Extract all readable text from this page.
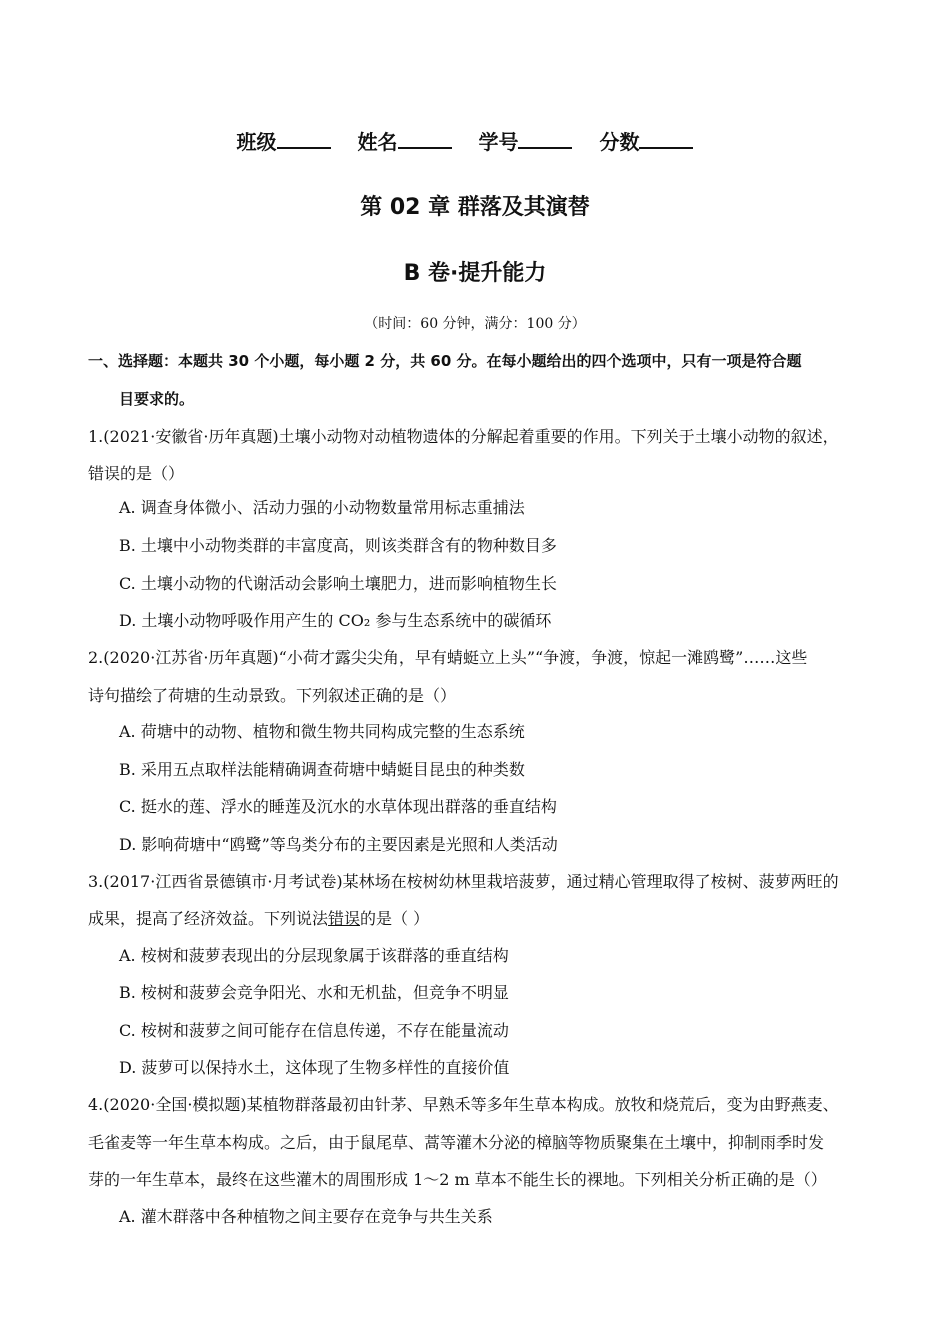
班级	姓名	学号	分数
第 02 章 群落及其演替
B 卷·提升能力
（时间：60 分钟，满分：100 分）
一、选择题：本题共 30 个小题，每小题 2 分，共 60 分。在每小题给出的四个选项中，只有一项是符合题
目要求的。
1.(2021·安徽省·历年真题)土壤小动物对动植物遗体的分解起着重要的作用。下列关于土壤小动物的叙述，
错误的是（）
A. 调查身体微小、活动力强的小动物数量常用标志重捕法
B. 土壤中小动物类群的丰富度高，则该类群含有的物种数目多
C. 土壤小动物的代谢活动会影响土壤肥力，进而影响植物生长
D. 土壤小动物呼吸作用产生的 CO₂ 参与生态系统中的碳循环
2.(2020·江苏省·历年真题)“小荷才露尖尖角，早有蜻蜓立上头”“争渡，争渡，惊起一滩鸥鹭”……这些
诗句描绘了荷塘的生动景致。下列叙述正确的是（）
A. 荷塘中的动物、植物和微生物共同构成完整的生态系统
B. 采用五点取样法能精确调查荷塘中蜻蜓目昆虫的种类数
C. 挺水的莲、浮水的睡莲及沉水的水草体现出群落的垂直结构
D. 影响荷塘中“鸥鹭”等鸟类分布的主要因素是光照和人类活动
3.(2017·江西省景德镇市·月考试卷)某林场在桉树幼林里栽培菠萝，通过精心管理取得了桉树、菠萝两旺的
成果，提高了经济效益。下列说法错误的是（ ）
A. 桉树和菠萝表现出的分层现象属于该群落的垂直结构
B. 桉树和菠萝会竞争阳光、水和无机盐，但竞争不明显
C. 桉树和菠萝之间可能存在信息传递，不存在能量流动
D. 菠萝可以保持水土，这体现了生物多样性的直接价值
4.(2020·全国·模拟题)某植物群落最初由针茅、早熟禾等多年生草本构成。放牧和烧荒后，变为由野燕麦、
毛雀麦等一年生草本构成。之后，由于鼠尾草、蒿等灌木分泌的樟脑等物质聚集在土壤中，抑制雨季时发
芽的一年生草本，最终在这些灌木的周围形成 1～2 m 草本不能生长的裸地。下列相关分析正确的是（）
A. 灌木群落中各种植物之间主要存在竞争与共生关系
